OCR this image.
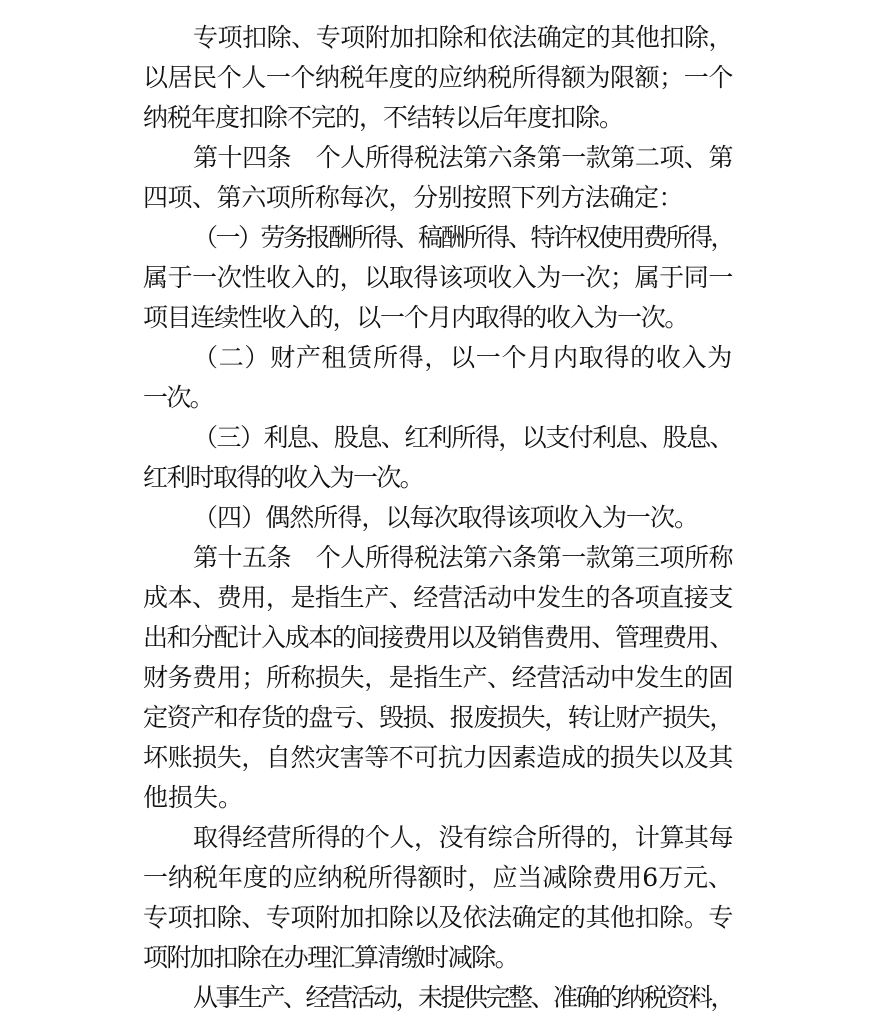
专项扣除、专项附加扣除和依法确定的其他扣除，
以居民个人一个纳税年度的应纳税所得额为限额；一个
纳税年度扣除不完的，不结转以后年度扣除。
第十四条　个人所得税法第六条第一款第二项、第
四项、第六项所称每次，分别按照下列方法确定：
（一）劳务报酬所得、稿酬所得、特许权使用费所得，
属于一次性收入的，以取得该项收入为一次；属于同一
项目连续性收入的，以一个月内取得的收入为一次。
（二）财产租赁所得，以一个月内取得的收入为
一次。
（三）利息、股息、红利所得，以支付利息、股息、
红利时取得的收入为一次。
（四）偶然所得，以每次取得该项收入为一次。
第十五条　个人所得税法第六条第一款第三项所称
成本、费用，是指生产、经营活动中发生的各项直接支
出和分配计入成本的间接费用以及销售费用、管理费用、
财务费用；所称损失，是指生产、经营活动中发生的固
定资产和存货的盘亏、毁损、报废损失，转让财产损失，
坏账损失，自然灾害等不可抗力因素造成的损失以及其
他损失。
取得经营所得的个人，没有综合所得的，计算其每
一纳税年度的应纳税所得额时，应当减除费用6万元、
专项扣除、专项附加扣除以及依法确定的其他扣除。专
项附加扣除在办理汇算清缴时减除。
从事生产、经营活动，未提供完整、准确的纳税资料，
